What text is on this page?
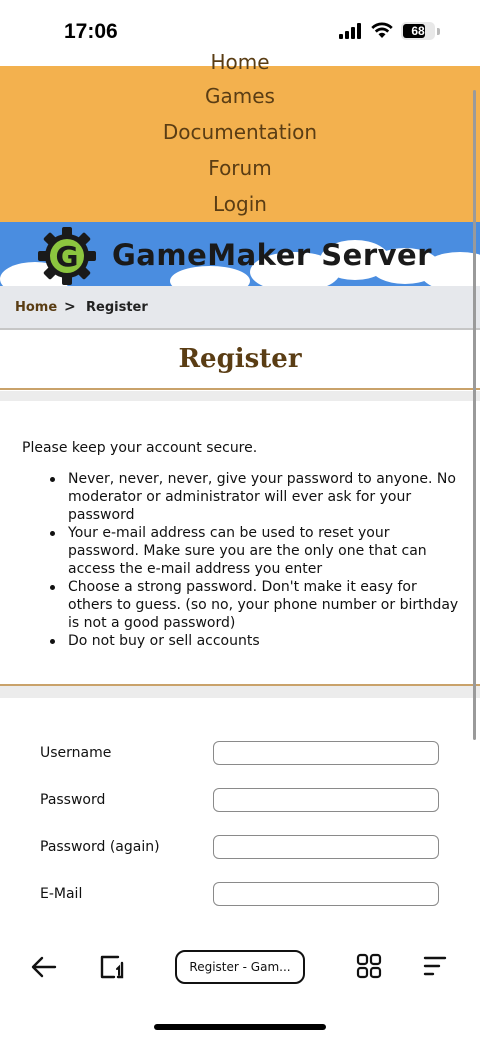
17:06	68
Home
Games
Documentation
Forum
Login
G GameMaker Server
Home > Register
Register

Please keep your account secure.

Never, never, never, give your password to anyone. No moderator or administrator will ever ask for your password
Your e-mail address can be used to reset your password. Make sure you are the only one that can access the e-mail address you enter
Choose a strong password. Don't make it easy for others to guess. (so no, your phone number or birthday is not a good password)
Do not buy or sell accounts
Username
Password
Password (again)
E-Mail
Register - Gam...
